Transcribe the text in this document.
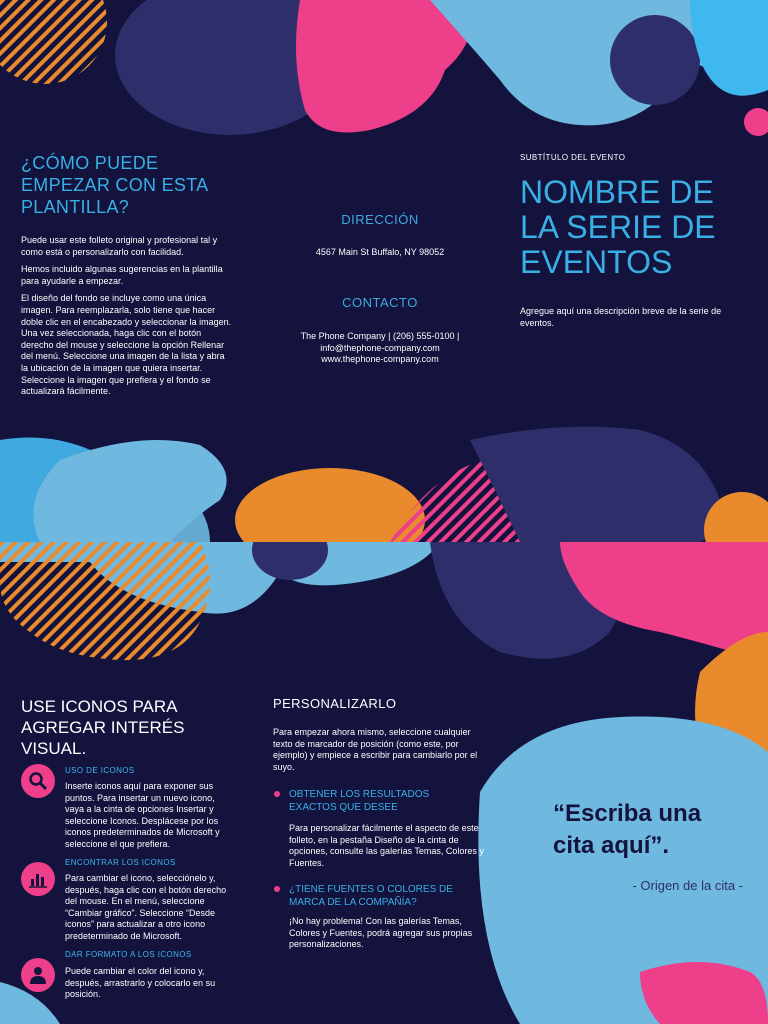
¿CÓMO PUEDE EMPEZAR CON ESTA PLANTILLA?

Puede usar este folleto original y profesional tal y como está o personalizarlo con facilidad.

Hemos incluido algunas sugerencias en la plantilla para ayudarle a empezar.

El diseño del fondo se incluye como una única imagen. Para reemplazarla, solo tiene que hacer doble clic en el encabezado y seleccionar la imagen. Una vez seleccionada, haga clic con el botón derecho del mouse y seleccione la opción Rellenar del menú. Seleccione una imagen de la lista y abra la ubicación de la imagen que quiera insertar. Seleccione la imagen que prefiera y el fondo se actualizará fácilmente.

DIRECCIÓN
4567 Main St Buffalo, NY 98052
CONTACTO
The Phone Company | (206) 555-0100 |
info@thephone-company.com
www.thephone-company.com
SUBTÍTULO DEL EVENTO
NOMBRE DE LA SERIE DE EVENTOS
Agregue aquí una descripción breve de la serie de eventos.
USE ICONOS PARA AGREGAR INTERÉS VISUAL.
USO DE ICONOS
Inserte iconos aquí para exponer sus puntos. Para insertar un nuevo icono, vaya a la cinta de opciones Insertar y seleccione Iconos. Desplácese por los iconos predeterminados de Microsoft y seleccione el que prefiera.
ENCONTRAR LOS ICONOS
Para cambiar el icono, selecciónelo y, después, haga clic con el botón derecho del mouse. En el menú, seleccione “Cambiar gráfico”. Seleccione “Desde iconos” para actualizar a otro icono predeterminado de Microsoft.
DAR FORMATO A LOS ICONOS
Puede cambiar el color del icono y, después, arrastrarlo y colocarlo en su posición.
PERSONALIZARLO
Para empezar ahora mismo, seleccione cualquier texto de marcador de posición (como este, por ejemplo) y empiece a escribir para cambiarlo por el suyo.
OBTENER LOS RESULTADOS EXACTOS QUE DESEE
Para personalizar fácilmente el aspecto de este folleto, en la pestaña Diseño de la cinta de opciones, consulte las galerías Temas, Colores y Fuentes.
¿TIENE FUENTES O COLORES DE MARCA DE LA COMPAÑÍA?
¡No hay problema! Con las galerías Temas, Colores y Fuentes, podrá agregar sus propias personalizaciones.
“Escriba una cita aquí”.
- Origen de la cita -
